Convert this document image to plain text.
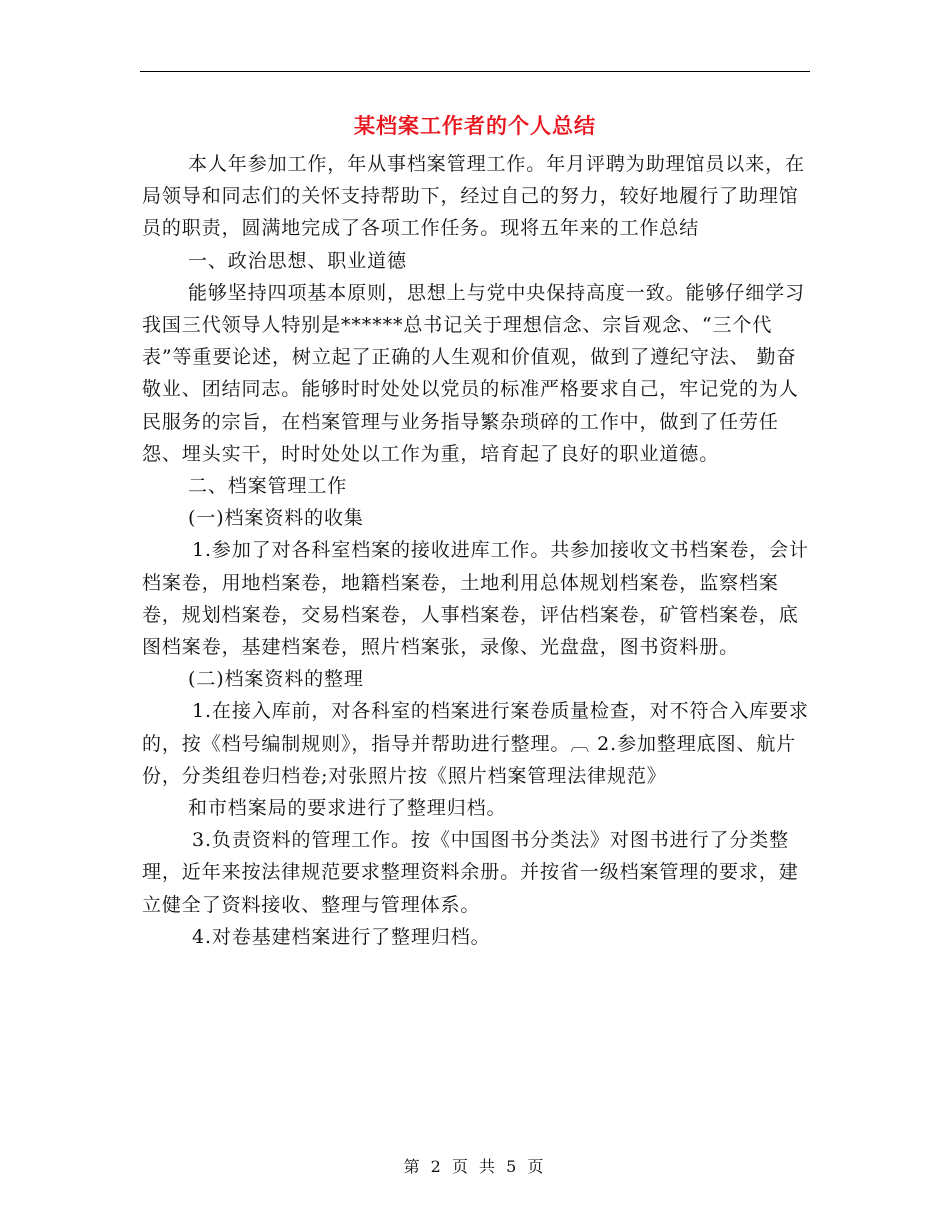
某档案工作者的个人总结

本人年参加工作，年从事档案管理工作。年月评聘为助理馆员以来，在局领导和同志们的关怀支持帮助下，经过自己的努力，较好地履行了助理馆员的职责，圆满地完成了各项工作任务。现将五年来的工作总结

一、政治思想、职业道德

能够坚持四项基本原则，思想上与党中央保持高度一致。能够仔细学习我国三代领导人特别是******总书记关于理想信念、宗旨观念、“三个代表”等重要论述，树立起了正确的人生观和价值观，做到了遵纪守法、 勤奋敬业、团结同志。能够时时处处以党员的标准严格要求自己，牢记党的为人民服务的宗旨，在档案管理与业务指导繁杂琐碎的工作中，做到了任劳任怨、埋头实干，时时处处以工作为重，培育起了良好的职业道德。

二、档案管理工作

(一)档案资料的收集

1.参加了对各科室档案的接收进库工作。共参加接收文书档案卷，会计档案卷，用地档案卷，地籍档案卷，土地利用总体规划档案卷，监察档案卷，规划档案卷，交易档案卷，人事档案卷，评估档案卷，矿管档案卷，底图档案卷，基建档案卷，照片档案张，录像、光盘盘，图书资料册。

(二)档案资料的整理

1.在接入库前，对各科室的档案进行案卷质量检查，对不符合入库要求的，按《档号编制规则》，指导并帮助进行整理。︹ 2.参加整理底图、航片份，分类组卷归档卷;对张照片按《照片档案管理法律规范》

和市档案局的要求进行了整理归档。

3.负责资料的管理工作。按《中国图书分类法》对图书进行了分类整理，近年来按法律规范要求整理资料余册。并按省一级档案管理的要求，建立健全了资料接收、整理与管理体系。

4.对卷基建档案进行了整理归档。

第 2 页 共 5 页
